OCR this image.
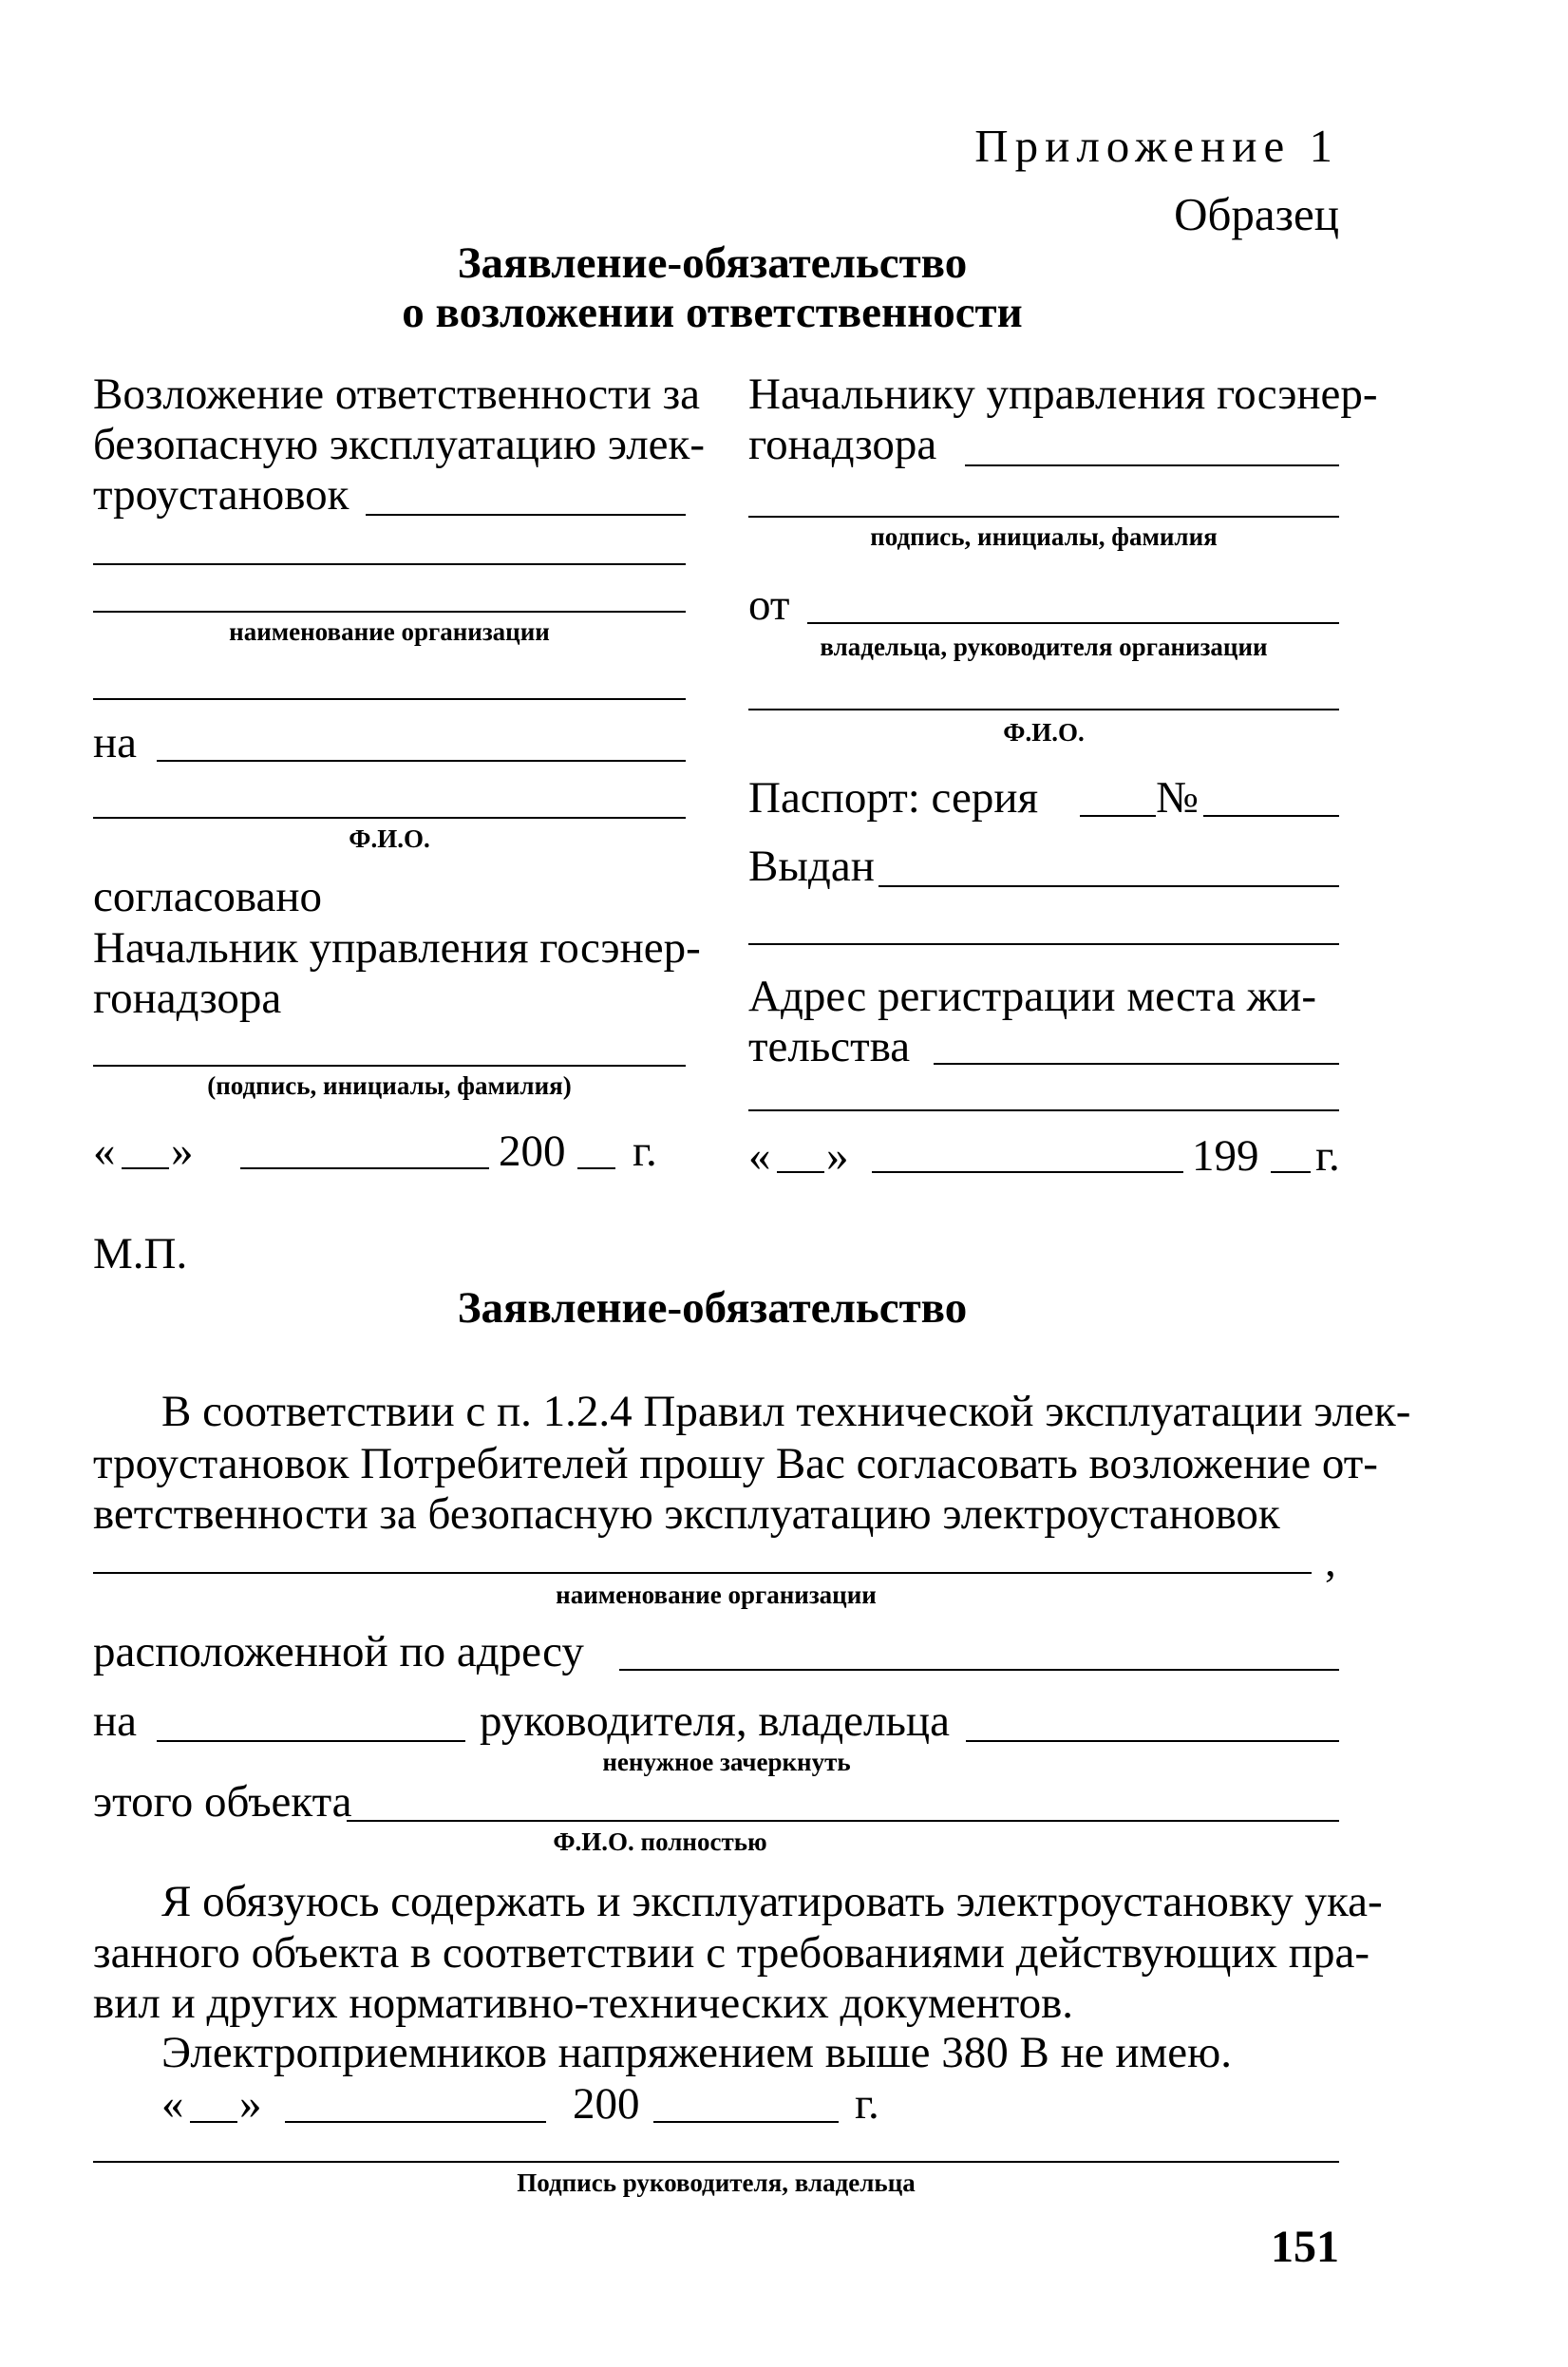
Приложение 1
Образец
Заявление-обязательство
о возложении ответственности
Возложение ответственности за
безопасную эксплуатацию элек-
троустановок
наименование организации
на
Ф.И.О.
согласовано
Начальник управления госэнер-
гонадзора
(подпись, инициалы, фамилия)
« »	200 г.
Начальнику управления госэнер-
гонадзора
подпись, инициалы, фамилия
от
владельца, руководителя организации
Ф.И.О.
Паспорт: серия	№
Выдан
Адрес регистрации места жи-
тельства
« »	199 г.
М.П.
Заявление-обязательство
В соответствии с п. 1.2.4 Правил технической эксплуатации элек-
троустановок Потребителей прошу Вас согласовать возложение от-
ветственности за безопасную эксплуатацию электроустановок
,
наименование организации
расположенной по адресу
на	руководителя, владельца
ненужное зачеркнуть
этого объекта
Ф.И.О. полностью
Я обязуюсь содержать и эксплуатировать электроустановку ука-
занного объекта в соответствии с требованиями действующих пра-
вил и других нормативно-технических документов.
Электроприемников напряжением выше 380 В не имею.
« »	200	г.
Подпись руководителя, владельца
151
